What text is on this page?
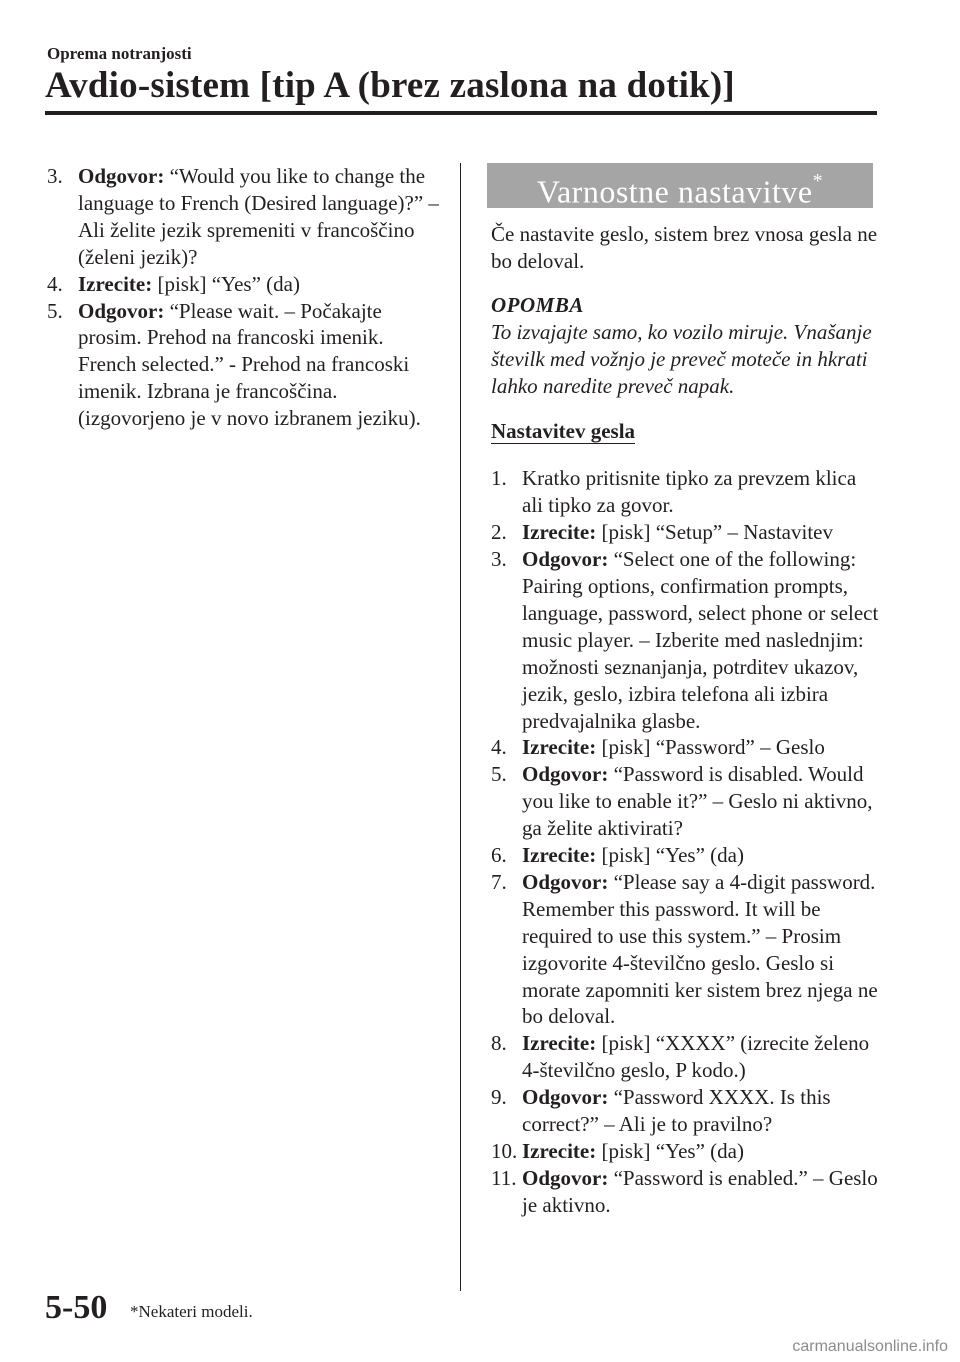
Oprema notranjosti
Avdio-sistem [tip A (brez zaslona na dotik)]
3. Odgovor: “Would you like to change the language to French (Desired language)?” – Ali želite jezik spremeniti v francoščino (želeni jezik)?
4. Izrecite: [pisk] “Yes” (da)
5. Odgovor: “Please wait. – Počakajte prosim. Prehod na francoski imenik. French selected.” - Prehod na francoski imenik. Izbrana je francoščina. (izgovorjeno je v novo izbranem jeziku).
Varnostne nastavitve*
Če nastavite geslo, sistem brez vnosa gesla ne bo deloval.
OPOMBA
To izvajajte samo, ko vozilo miruje. Vnašanje številk med vožnjo je preveč moteče in hkrati lahko naredite preveč napak.
Nastavitev gesla
1. Kratko pritisnite tipko za prevzem klica ali tipko za govor.
2. Izrecite: [pisk] “Setup” – Nastavitev
3. Odgovor: “Select one of the following: Pairing options, confirmation prompts, language, password, select phone or select music player. – Izberite med naslednjim: možnosti seznanjanja, potrditev ukazov, jezik, geslo, izbira telefona ali izbira predvajalnika glasbe.
4. Izrecite: [pisk] “Password” – Geslo
5. Odgovor: “Password is disabled. Would you like to enable it?” – Geslo ni aktivno, ga želite aktivirati?
6. Izrecite: [pisk] “Yes” (da)
7. Odgovor: “Please say a 4-digit password. Remember this password. It will be required to use this system.” – Prosim izgovorite 4-številčno geslo. Geslo si morate zapomniti ker sistem brez njega ne bo deloval.
8. Izrecite: [pisk] “XXXX” (izrecite želeno 4-številčno geslo, P kodo.)
9. Odgovor: “Password XXXX. Is this correct?” – Ali je to pravilno?
10. Izrecite: [pisk] “Yes” (da)
11. Odgovor: “Password is enabled.” – Geslo je aktivno.
5-50 *Nekateri modeli.
carmanualsonline.info
